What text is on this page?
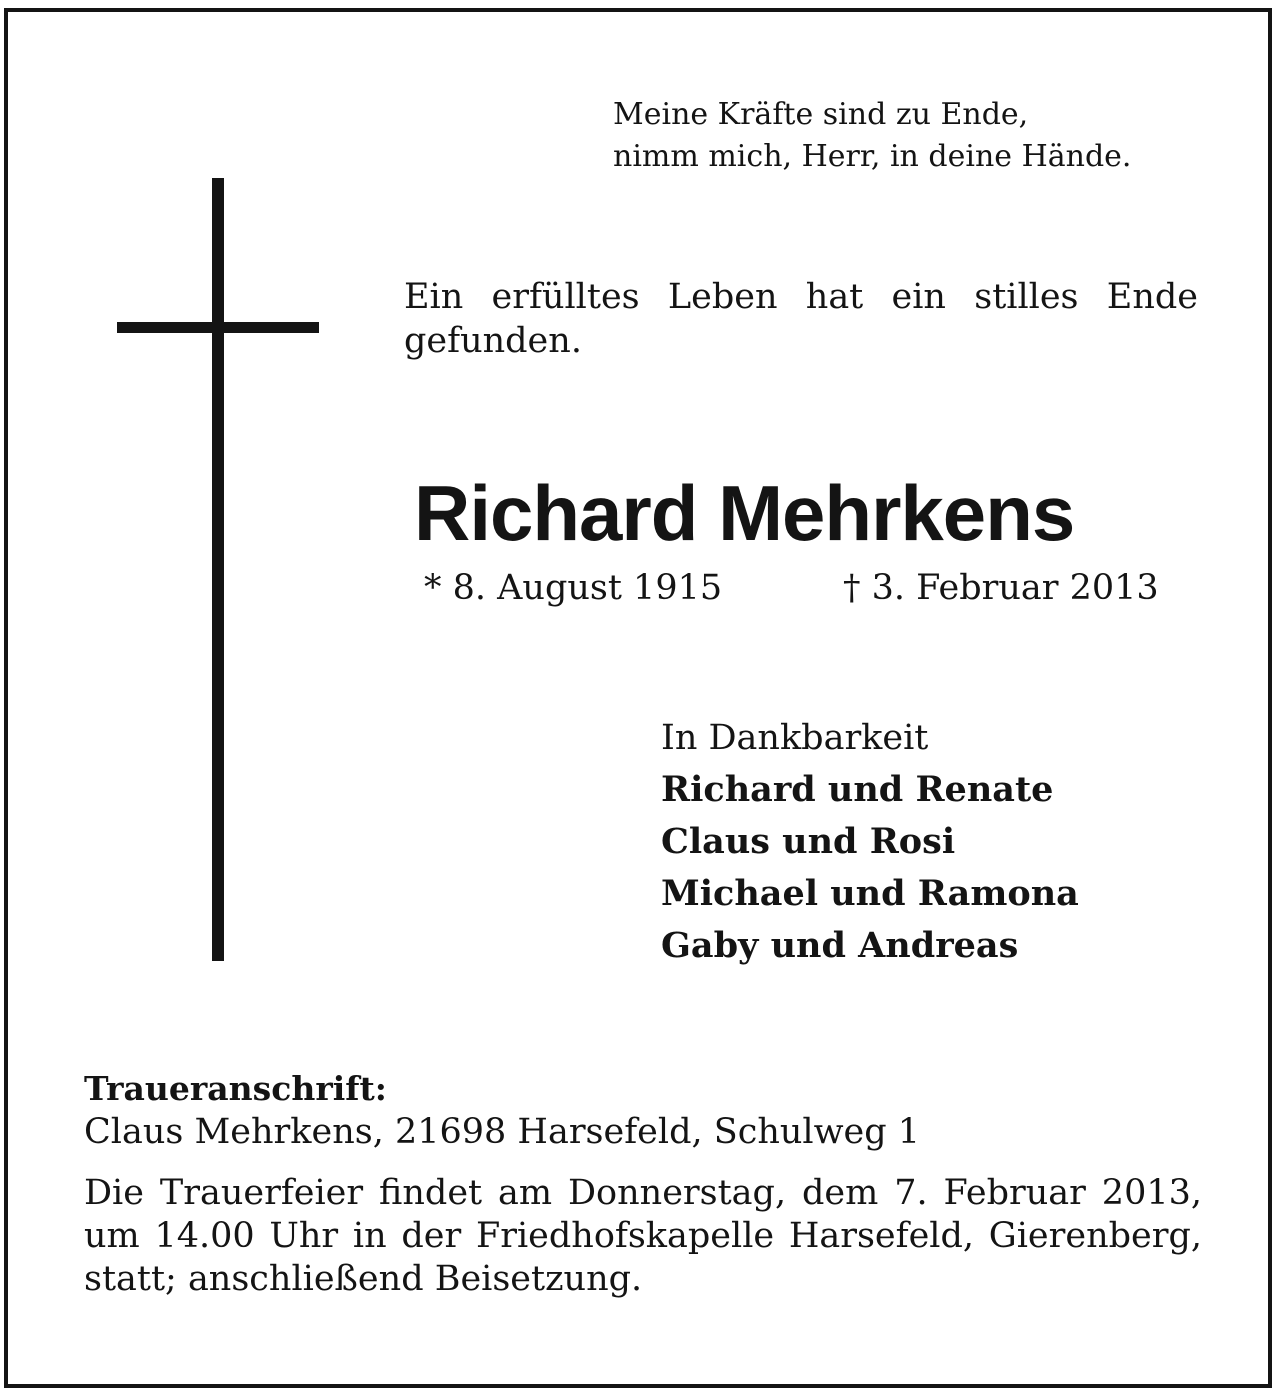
Meine Kräfte sind zu Ende,
nimm mich, Herr, in deine Hände.
Ein erfülltes Leben hat ein stilles Ende gefunden.
Richard Mehrkens
* 8. August 1915	† 3. Februar 2013
In Dankbarkeit
Richard und Renate
Claus und Rosi
Michael und Ramona
Gaby und Andreas
Traueranschrift:
Claus Mehrkens, 21698 Harsefeld, Schulweg 1
Die Trauerfeier findet am Donnerstag, dem 7. Februar 2013, um 14.00 Uhr in der Friedhofskapelle Harsefeld, Gierenberg, statt; anschließend Beisetzung.
